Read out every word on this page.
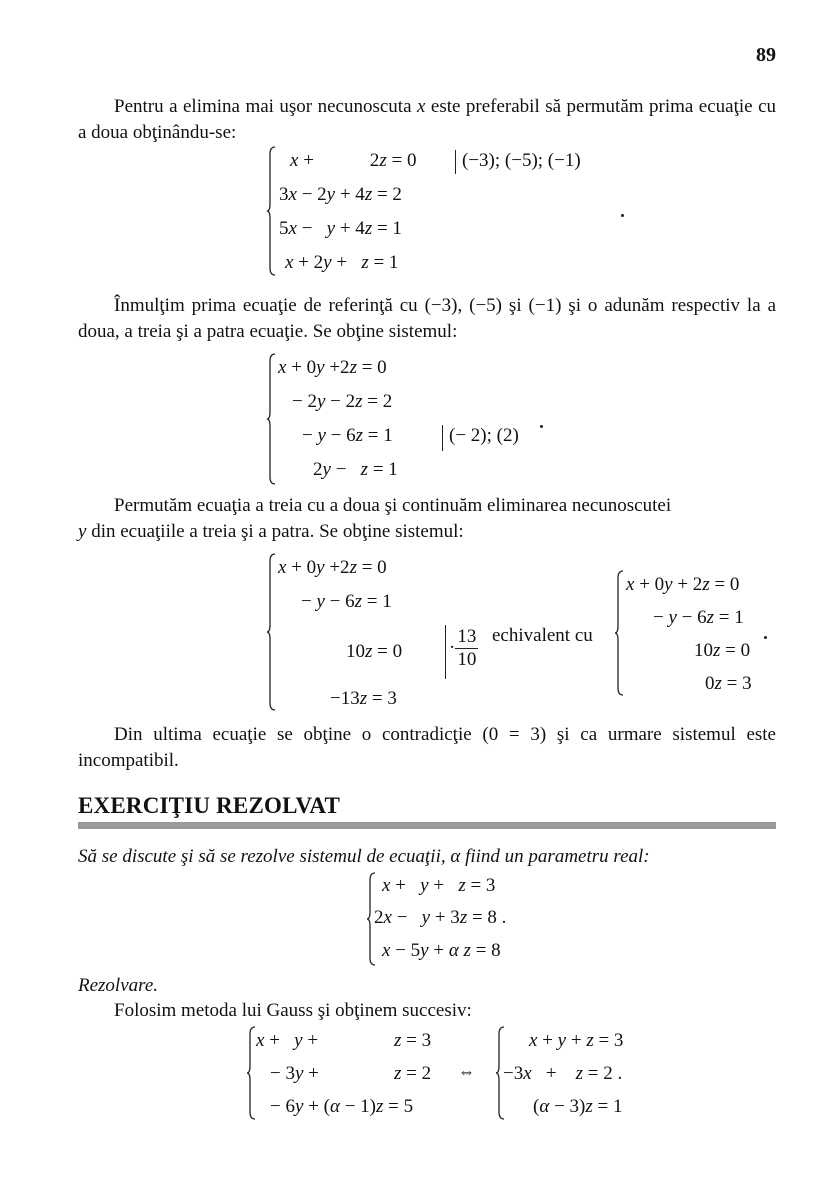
89
Pentru a elimina mai uşor necunoscuta x este preferabil să permutăm prima ecuaţie cu a doua obţinându-se:
x +	2z = 0
3x − 2y + 4z = 2
5x −   y + 4z = 1
x + 2y +   z = 1
(−3); (−5); (−1)
Înmulţim prima ecuaţie de referinţă cu (−3), (−5) şi (−1) şi o adunăm respectiv la a doua, a treia şi a patra ecuaţie. Se obţine sistemul:
x + 0y +2z = 0
− 2y − 2z = 2
− y − 6z = 1
2y −   z = 1
(− 2); (2)
Permutăm ecuaţia a treia cu a doua şi continuăm eliminarea necunoscutei
y din ecuaţiile a treia şi a patra. Se obţine sistemul:
x + 0y +2z = 0
− y − 6z = 1
10z = 0
−13z = 3
· $\frac{13}{10}$ echivalent cu
x + 0y + 2z = 0
− y − 6z = 1
10z = 0
0z = 3
Din ultima ecuaţie se obţine o contradicţie (0 = 3) şi ca urmare sistemul este incompatibil.
EXERCIŢIU REZOLVAT
Să se discute şi să se rezolve sistemul de ecuaţii, α fiind un parametru real:
x +   y +   z = 3
2x −   y + 3z = 8 .
x − 5y + α z = 8
Rezolvare.
Folosim metoda lui Gauss şi obţinem succesiv:
x +   y +	z = 3
− 3y +	z = 2
− 6y + (α − 1)z = 5
⇔
x + y + z = 3
−3x   +    z = 2 .
(α − 3)z = 1
